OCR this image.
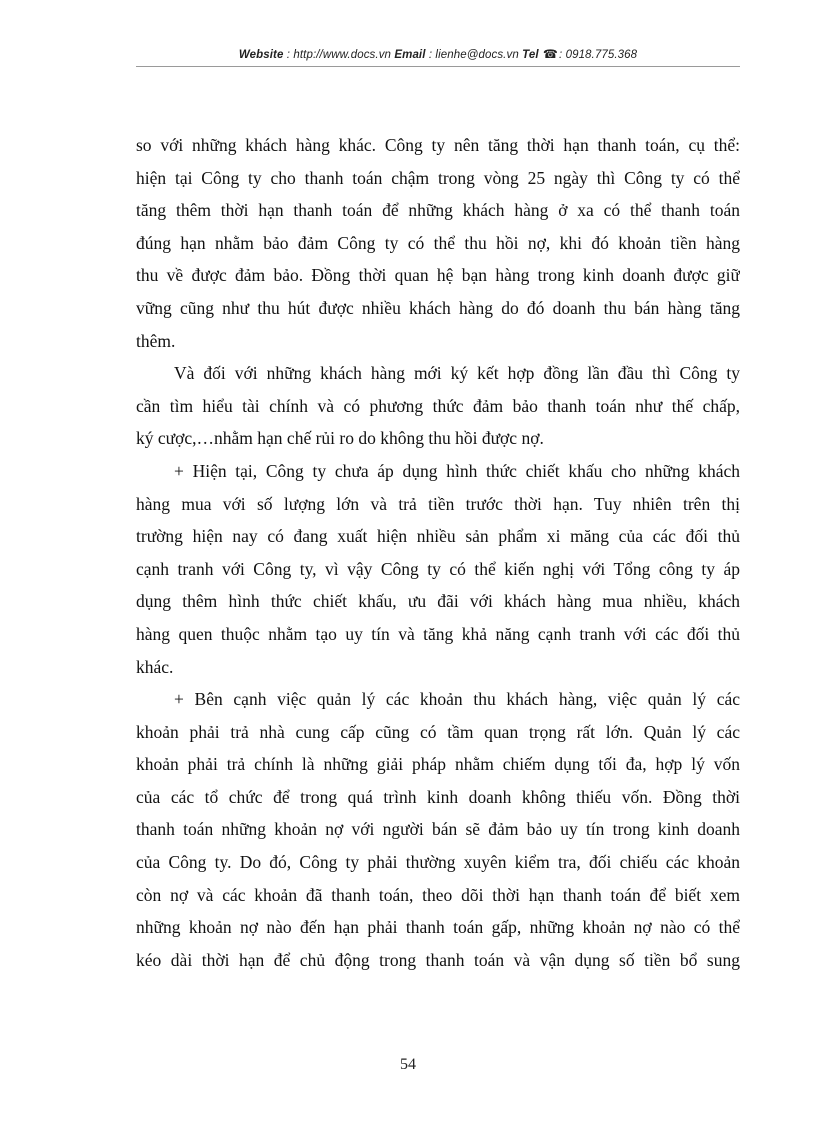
Website : http://www.docs.vn Email : lienhe@docs.vn Tel ☎: 0918.775.368
so với những khách hàng khác. Công ty nên tăng thời hạn thanh toán, cụ thể:
hiện tại Công ty cho thanh toán chậm trong vòng 25 ngày thì Công ty có thể
tăng thêm thời hạn thanh toán để những khách hàng ở xa có thể thanh toán
đúng hạn nhằm bảo đảm Công ty có thể thu hồi nợ, khi đó khoản tiền hàng
thu về được đảm bảo. Đồng thời quan hệ bạn hàng trong kinh doanh được giữ
vững cũng như thu hút được nhiều khách hàng do đó doanh thu bán hàng tăng
thêm.
Và đối với những khách hàng mới ký kết hợp đồng lần đầu thì Công ty
cần tìm hiểu tài chính và có phương thức đảm bảo thanh toán như thế chấp,
ký cược,…nhằm hạn chế rủi ro do không thu hồi được nợ.
+ Hiện tại, Công ty chưa áp dụng hình thức chiết khấu cho những khách
hàng mua với số lượng lớn và trả tiền trước thời hạn. Tuy nhiên trên thị
trường hiện nay có đang xuất hiện nhiều sản phẩm xi măng của các đối thủ
cạnh tranh với Công ty, vì vậy Công ty có thể kiến nghị với Tổng công ty áp
dụng thêm hình thức chiết khấu, ưu đãi với khách hàng mua nhiều, khách
hàng quen thuộc nhằm tạo uy tín và tăng khả năng cạnh tranh với các đối thủ
khác.
+ Bên cạnh việc quản lý các khoản thu khách hàng, việc quản lý các
khoản phải trả nhà cung cấp cũng có tầm quan trọng rất lớn. Quản lý các
khoản phải trả chính là những giải pháp nhằm chiếm dụng tối đa, hợp lý vốn
của các tổ chức để trong quá trình kinh doanh không thiếu vốn. Đồng thời
thanh toán những khoản nợ với người bán sẽ đảm bảo uy tín trong kinh doanh
của Công ty. Do đó, Công ty phải thường xuyên kiểm tra, đối chiếu các khoản
còn nợ và các khoản đã thanh toán, theo dõi thời hạn thanh toán để biết xem
những khoản nợ nào đến hạn phải thanh toán gấp, những khoản nợ nào có thể
kéo dài thời hạn để chủ động trong thanh toán và vận dụng số tiền bổ sung
54
